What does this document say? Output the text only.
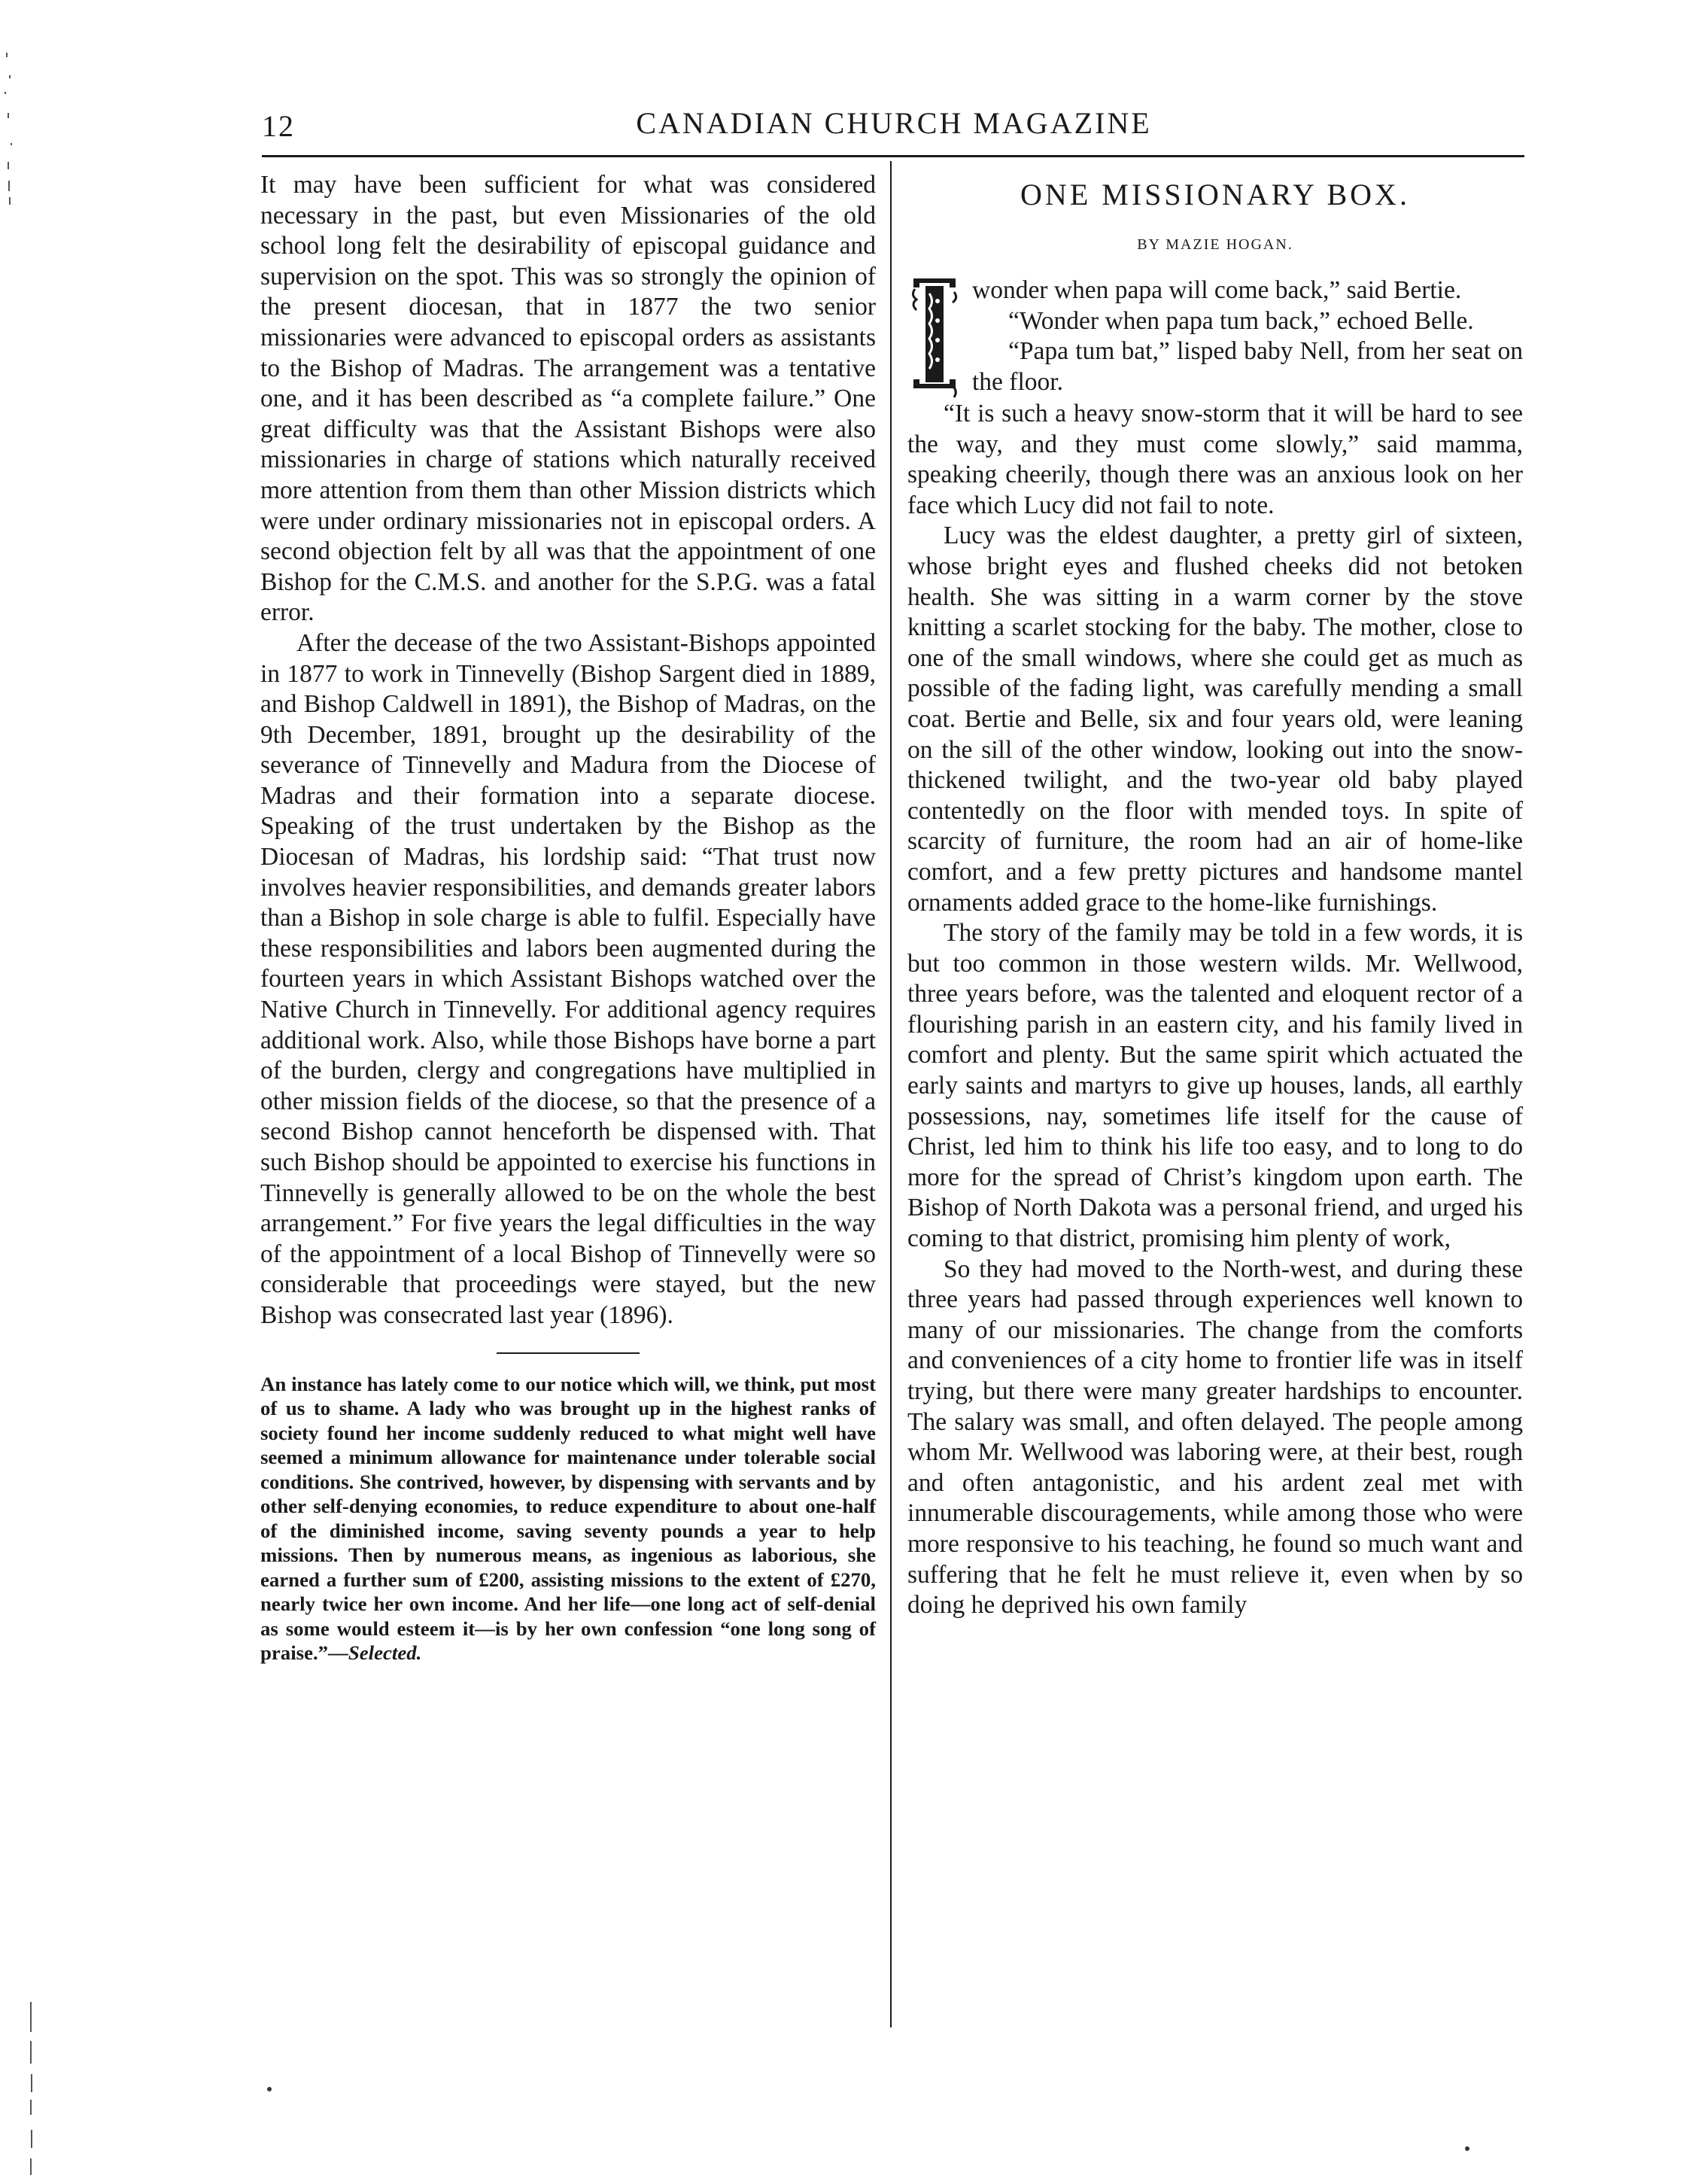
12	CANADIAN CHURCH MAGAZINE

It may have been sufficient for what was considered necessary in the past, but even Missionaries of the old school long felt the desirability of episcopal guidance and supervision on the spot. This was so strongly the opinion of the present diocesan, that in 1877 the two senior missionaries were advanced to episcopal orders as assistants to the Bishop of Madras. The arrangement was a tentative one, and it has been described as “a complete failure.” One great difficulty was that the Assistant Bishops were also missionaries in charge of stations which naturally received more attention from them than other Mission districts which were under ordinary missionaries not in episcopal orders. A second objection felt by all was that the appointment of one Bishop for the C.M.S. and another for the S.P.G. was a fatal error.

After the decease of the two Assistant-Bishops appointed in 1877 to work in Tinnevelly (Bishop Sargent died in 1889, and Bishop Caldwell in 1891), the Bishop of Madras, on the 9th December, 1891, brought up the desirability of the severance of Tinnevelly and Madura from the Diocese of Madras and their formation into a separate diocese. Speaking of the trust undertaken by the Bishop as the Diocesan of Madras, his lordship said: “That trust now involves heavier responsibilities, and demands greater labors than a Bishop in sole charge is able to fulfil. Especially have these responsibilities and labors been augmented during the fourteen years in which Assistant Bishops watched over the Native Church in Tinnevelly. For additional agency requires additional work. Also, while those Bishops have borne a part of the burden, clergy and congregations have multiplied in other mission fields of the diocese, so that the presence of a second Bishop cannot henceforth be dispensed with. That such Bishop should be appointed to exercise his functions in Tinnevelly is generally allowed to be on the whole the best arrangement.” For five years the legal difficulties in the way of the appointment of a local Bishop of Tinnevelly were so considerable that proceedings were stayed, but the new Bishop was consecrated last year (1896).

An instance has lately come to our notice which will, we think, put most of us to shame. A lady who was brought up in the highest ranks of society found her income suddenly reduced to what might well have seemed a minimum allowance for maintenance under tolerable social conditions. She contrived, however, by dispensing with servants and by other self-denying economies, to reduce expenditure to about one-half of the diminished income, saving seventy pounds a year to help missions. Then by numerous means, as ingenious as laborious, she earned a further sum of £200, assisting missions to the extent of £270, nearly twice her own income. And her life—one long act of self-denial as some would esteem it—is by her own confession “one long song of praise.”—Selected.

ONE MISSIONARY BOX.
BY MAZIE HOGAN.

wonder when papa will come back,” said Bertie.

“Wonder when papa tum back,” echoed Belle.

“Papa tum bat,” lisped baby Nell, from her seat on the floor.

“It is such a heavy snow-storm that it will be hard to see the way, and they must come slowly,” said mamma, speaking cheerily, though there was an anxious look on her face which Lucy did not fail to note.

Lucy was the eldest daughter, a pretty girl of sixteen, whose bright eyes and flushed cheeks did not betoken health. She was sitting in a warm corner by the stove knitting a scarlet stocking for the baby. The mother, close to one of the small windows, where she could get as much as possible of the fading light, was carefully mending a small coat. Bertie and Belle, six and four years old, were leaning on the sill of the other window, looking out into the snow-thickened twilight, and the two-year old baby played contentedly on the floor with mended toys. In spite of scarcity of furniture, the room had an air of home-like comfort, and a few pretty pictures and handsome mantel ornaments added grace to the home-like furnishings.

The story of the family may be told in a few words, it is but too common in those western wilds. Mr. Wellwood, three years before, was the talented and eloquent rector of a flourishing parish in an eastern city, and his family lived in comfort and plenty. But the same spirit which actuated the early saints and martyrs to give up houses, lands, all earthly possessions, nay, sometimes life itself for the cause of Christ, led him to think his life too easy, and to long to do more for the spread of Christ’s kingdom upon earth. The Bishop of North Dakota was a personal friend, and urged his coming to that district, promising him plenty of work,

So they had moved to the North-west, and during these three years had passed through experiences well known to many of our missionaries. The change from the comforts and conveniences of a city home to frontier life was in itself trying, but there were many greater hardships to encounter. The salary was small, and often delayed. The people among whom Mr. Wellwood was laboring were, at their best, rough and often antagonistic, and his ardent zeal met with innumerable discouragements, while among those who were more responsive to his teaching, he found so much want and suffering that he felt he must relieve it, even when by so doing he deprived his own family
